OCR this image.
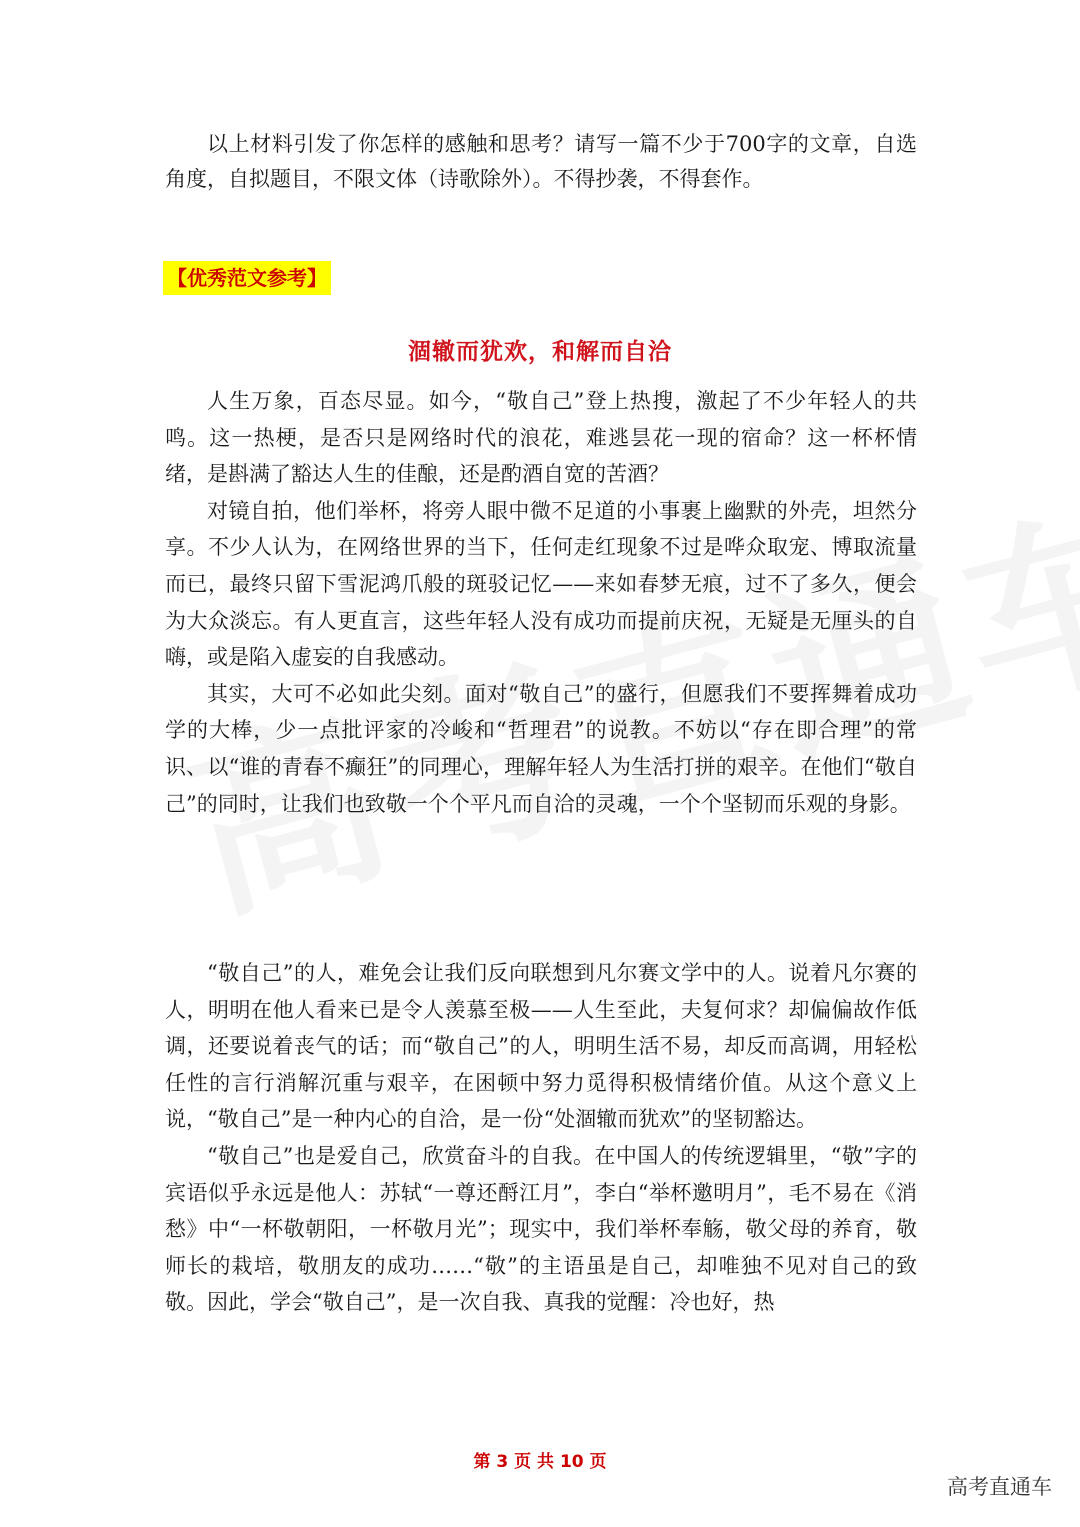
以上材料引发了你怎样的感触和思考？请写一篇不少于700字的文章，自选角度，自拟题目，不限文体（诗歌除外）。不得抄袭，不得套作。

【优秀范文参考】
涸辙而犹欢，和解而自洽

人生万象，百态尽显。如今，“敬自己”登上热搜，激起了不少年轻人的共鸣。这一热梗，是否只是网络时代的浪花，难逃昙花一现的宿命？这一杯杯情绪，是斟满了豁达人生的佳酿，还是酌酒自宽的苦酒？

对镜自拍，他们举杯，将旁人眼中微不足道的小事裹上幽默的外壳，坦然分享。不少人认为，在网络世界的当下，任何走红现象不过是哗众取宠、博取流量而已，最终只留下雪泥鸿爪般的斑驳记忆——来如春梦无痕，过不了多久，便会为大众淡忘。有人更直言，这些年轻人没有成功而提前庆祝，无疑是无厘头的自嗨，或是陷入虚妄的自我感动。

其实，大可不必如此尖刻。面对“敬自己”的盛行，但愿我们不要挥舞着成功学的大棒，少一点批评家的冷峻和“哲理君”的说教。不妨以“存在即合理”的常识、以“谁的青春不癫狂”的同理心，理解年轻人为生活打拼的艰辛。在他们“敬自己”的同时，让我们也致敬一个个平凡而自洽的灵魂，一个个坚韧而乐观的身影。

“敬自己”的人，难免会让我们反向联想到凡尔赛文学中的人。说着凡尔赛的人，明明在他人看来已是令人羡慕至极——人生至此，夫复何求？却偏偏故作低调，还要说着丧气的话；而“敬自己”的人，明明生活不易，却反而高调，用轻松任性的言行消解沉重与艰辛，在困顿中努力觅得积极情绪价值。从这个意义上说，“敬自己”是一种内心的自洽，是一份“处涸辙而犹欢”的坚韧豁达。

“敬自己”也是爱自己，欣赏奋斗的自我。在中国人的传统逻辑里，“敬”字的宾语似乎永远是他人：苏轼“一尊还酹江月”，李白“举杯邀明月”，毛不易在《消愁》中“一杯敬朝阳，一杯敬月光”；现实中，我们举杯奉觞，敬父母的养育，敬师长的栽培，敬朋友的成功……“敬”的主语虽是自己，却唯独不见对自己的致敬。因此，学会“敬自己”，是一次自我、真我的觉醒：冷也好，热

第 3 页 共 10 页
高考直通车
